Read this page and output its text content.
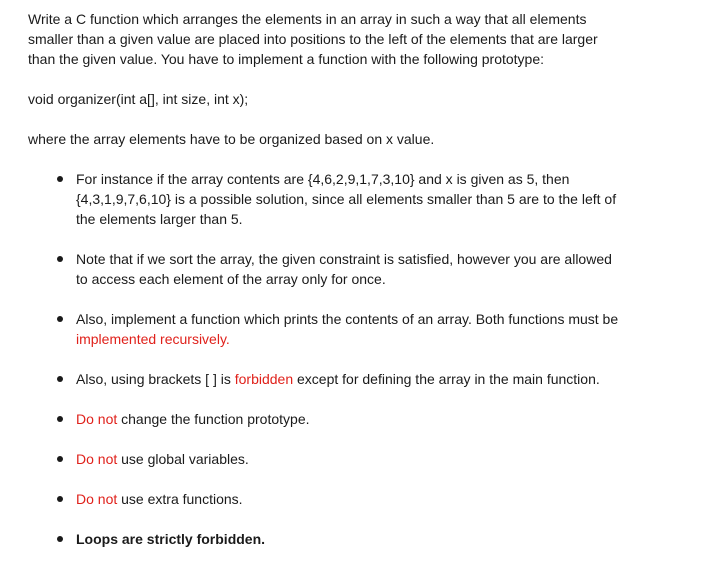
Write a C function which arranges the elements in an array in such a way that all elements
smaller than a given value are placed into positions to the left of the elements that are larger
than the given value. You have to implement a function with the following prototype:

void organizer(int a[], int size, int x);

where the array elements have to be organized based on x value.

For instance if the array contents are {4,6,2,9,1,7,3,10} and x is given as 5, then
{4,3,1,9,7,6,10} is a possible solution, since all elements smaller than 5 are to the left of
the elements larger than 5.
Note that if we sort the array, the given constraint is satisfied, however you are allowed
to access each element of the array only for once.
Also, implement a function which prints the contents of an array. Both functions must be
implemented recursively.
Also, using brackets [ ] is forbidden except for defining the array in the main function.
Do not change the function prototype.
Do not use global variables.
Do not use extra functions.
Loops are strictly forbidden.
